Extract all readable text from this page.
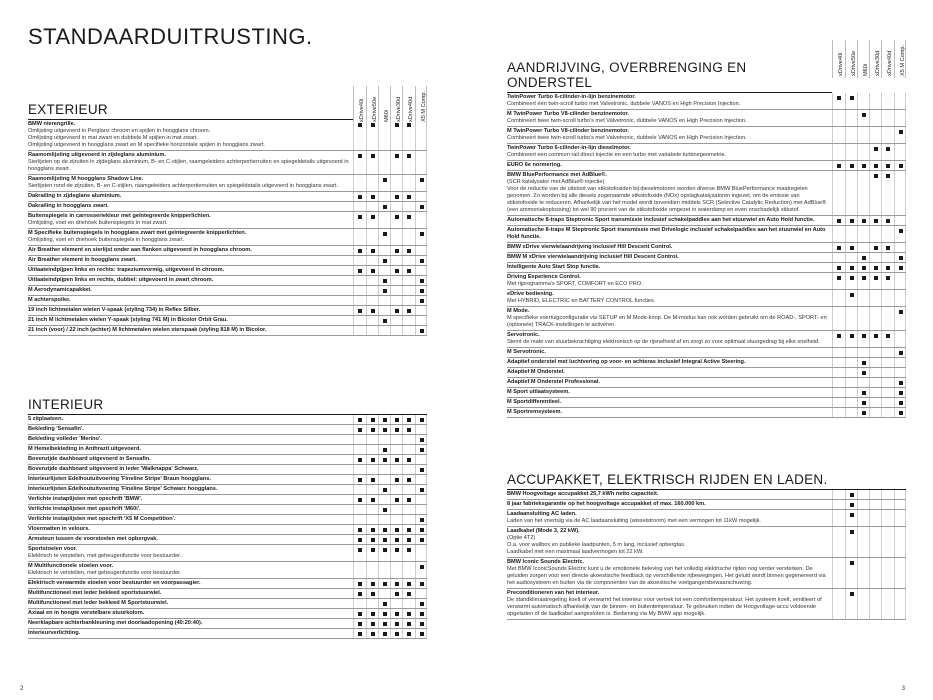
STANDAARDUITRUSTING.
xDrive40i xDrive50e M60i xDrive30d xDrive40d X5 M Comp.
EXTERIEUR
BMW nierengrille.
Omlijsting uitgevoerd in Perglanz chroom en spijlen in hoogglans chroom.
Omlijsting uitgevoerd in mat zwart en dubbele M spijlen in mat zwart.
Omlijsting uitgevoerd in hoogglans zwart en M specifieke horizontale spijlen in hoogglans zwart.
Raamomlijsting uitgevoerd in zijdeglans aluminium.
Sierlijsten op de zijruiten in zijdeglans aluminium, B- en C-stijlen, raamgeleiders achterportierruiten en spiegeldetails uitgevoerd in hoogglans zwart.
Raamomlijsting M hoogglans Shadow Line.
Sierlijsten rond de zijruiten, B- en C-stijlen, raamgeleiders achterportierruiten en spiegeldetails uitgevoerd in hoogglans zwart.
Dakrailing in zijdeglans aluminium.
Dakrailing in hoogglans zwart.
Buitenspiegels in carrosseriekleur met geïntegreerde knipperlichten.
Omlijsting, voet en driehoek buitenspiegels in mat zwart.
M Specifieke buitenspiegels in hoogglans zwart met geïntegreerde knipperlichten.
Omlijsting, voet en driehoek buitenspiegels in hoogglans zwart.
Air Breather element en sierlijst onder aan flanken uitgevoerd in hoogglans chroom.
Air Breather element in hoogglans zwart.
Uitlaateindpijpen links en rechts: trapeziumvormig, uitgevoerd in chroom.
Uitlaateindpijpen links en rechts, dubbel: uitgevoerd in zwart chroom.
M Aerodynamicapakket.
M achterspoiler.
19 inch lichtmetalen wielen V-spaak (styling 734) in Reflex Silber.
21 inch M lichtmetalen wielen Y-spaak (styling 741 M) in Bicolor Orbit Grau.
21 inch (voor) / 22 inch (achter) M lichtmetalen wielen sterspaak (styling 818 M) in Bicolor.
INTERIEUR
5 zitplaatsen.
Bekleding 'Sensafin'.
Bekleding volleder 'Merino'.
M Hemelbekleding in Anthrazit uitgevoerd.
Bovenzijde dashboard uitgevoerd in Sensafin.
Bovenzijde dashboard uitgevoerd in leder 'Walknappa' Schwarz.
Interieurlijsten Edelhoutuitvoering 'Fineline Stripe' Braun hoogglans.
Interieurlijsten Edelhoutuitvoering 'Fineline Stripe' Schwarz hoogglans.
Verlichte instaplijsten met opschrift 'BMW'.
Verlichte instaplijsten met opschrift 'M60i'.
Verlichte instaplijsten met opschrift 'X5 M Competition'.
Vloermatten in velours.
Armsteun tussen de voorstoelen met opbergvak.
Sportstoelen voor.
Elektrisch te verstellen, met geheugenfunctie voor bestuurder.
M Multifunctionele stoelen voor.
Elektrisch te verstellen, met geheugenfunctie voor bestuurder.
Elektrisch verwarmde stoelen voor bestuurder en voorpassagier.
Multifunctioneel met leder bekleed sportstuurwiel.
Multifunctioneel met leder bekleed M Sportstuurwiel.
Axiaal en in hoogte verstelbare stuurkolom.
Neerklapbare achterbankleuning met doorlaadopening (40:20:40).
Interieurverlichting.
xDrive40i xDrive50e M60i xDrive30d xDrive40d X5 M Comp.
AANDRIJVING, OVERBRENGING EN ONDERSTEL
TwinPower Turbo 6-cilinder-in-lijn benzinemotor.
Combineert één twin-scroll turbo met Valvetronic, dubbele VANOS en High Precision Injection.
M TwinPower Turbo V8-cilinder benzinemotor.
Combineert twee twin-scroll turbo's met Valvetronic, dubbele VANOS en High Precision Injection.
M TwinPower Turbo V8-cilinder benzinemotor.
Combineert twee twin-scroll turbo's met Valvetronic, dubbele VANOS en High Precision Injection.
TwinPower Turbo 6-cilinder-in-lijn dieselmotor.
Combineert een common rail direct injectie en een turbo met variabele turbinegeometrie.
EURO 6e normering.
BMW BluePerformance met AdBlue®.
(SCR katalysator met AdBlue® injectie)
Voor de reductie van de uitstoot van stikstofoxiden bij dieselmotoren worden diverse BMW BluePerformance maatregelen genomen. Zo worden bij alle diesels zogenaamde stikstofoxide (NOx) opslagkatalysatoren ingezet, om de emissie van stikstofoxide te reduceren. Afhankelijk van het model wordt bovendien middels SCR (Selective Catalytic Reduction) met AdBlue® (een ammoniakoplossing) tot wel 90 procent van de stikstofoxide omgezet in waterdamp en even onschadelijk stikstof.
Automatische 8-traps Steptronic Sport transmissie inclusief schakelpaddles aan het stuurwiel en Auto Hold functie.
Automatische 8-traps M Steptronic Sport transmissie met Drivelogic inclusief schakelpaddles aan het stuurwiel en Auto Hold functie.
BMW xDrive vierwielaandrijving inclusief Hill Descent Control.
BMW M xDrive vierwielaandrijving inclusief Hill Descent Control.
Intelligente Auto Start Stop functie.
Driving Experience Control.
Met rijprogramma's SPORT, COMFORT en ECO PRO.
eDrive bediening.
Met HYBRID, ELECTRIC en BATTERY CONTROL functies.
M Mode.
M specifieke voertuigconfiguratie via SETUP en M Mode-knop. De M-modus kan ook worden gebruikt om de ROAD-, SPORT- en (optionele) TRACK-instellingen te activeren.
Servotronic.
Stemt de mate van stuurbekrachtiging elektronisch op de rijsnelheid af en zorgt zo voor optimaal stuurgedrag bij elke snelheid.
M Servotronic.
Adaptief onderstel met luchtvering op voor- en achteras inclusief Integral Active Steering.
Adaptief M Onderstel.
Adaptief M Onderstel Professional.
M Sport uitlaatsysteem.
M Sportdifferentieel.
M Sportremsysteem.
ACCUPAKKET, ELEKTRISCH RIJDEN EN LADEN.
BMW Hoogvoltage accupakket 25,7 kWh netto capaciteit.
8 jaar fabrieksgarantie op het hoogvoltage accupakket of max. 160.000 km.
Laadaansluiting AC laden.
Laden van het voertuig via de AC laadaansluiting (wisselstroom) met een vermogen tot 11kW mogelijk.
Laadkabel (Mode 3, 22 kW).
(Optie 4T2)
O.a. voor wallbox en publieke laadpunten, 5 m lang, inclusief opbergtas.
Laadkabel met een maximaal laadvermogen tot 22 kW.
BMW Iconic Sounds Electric.
Met BMW IconicSounds Electric kunt u de emotionele beleving van het volledig elektrische rijden nog verder versterken. De geluiden zorgen voor een directe akoestische feedback op verschillende rijbewegingen. Het geluid wordt binnen gegenereerd via het audiosysteem en buiten via de componenten van de akoestische voetgangersbewaarschuwing.
Preconditioneren van het interieur.
De standklimaatregeling koelt of verwarmt het interieur voor vertrek tot een comforttemperatuur. Het systeem koelt, ventileert of verwarmt automatisch afhankelijk van de binnen- en buitentemperatuur. Te gebruiken indien de Hoogvoltage-accu voldoende opgeladen of de laadkabel aangesloten is. Bediening via My BMW app mogelijk.
2	3
